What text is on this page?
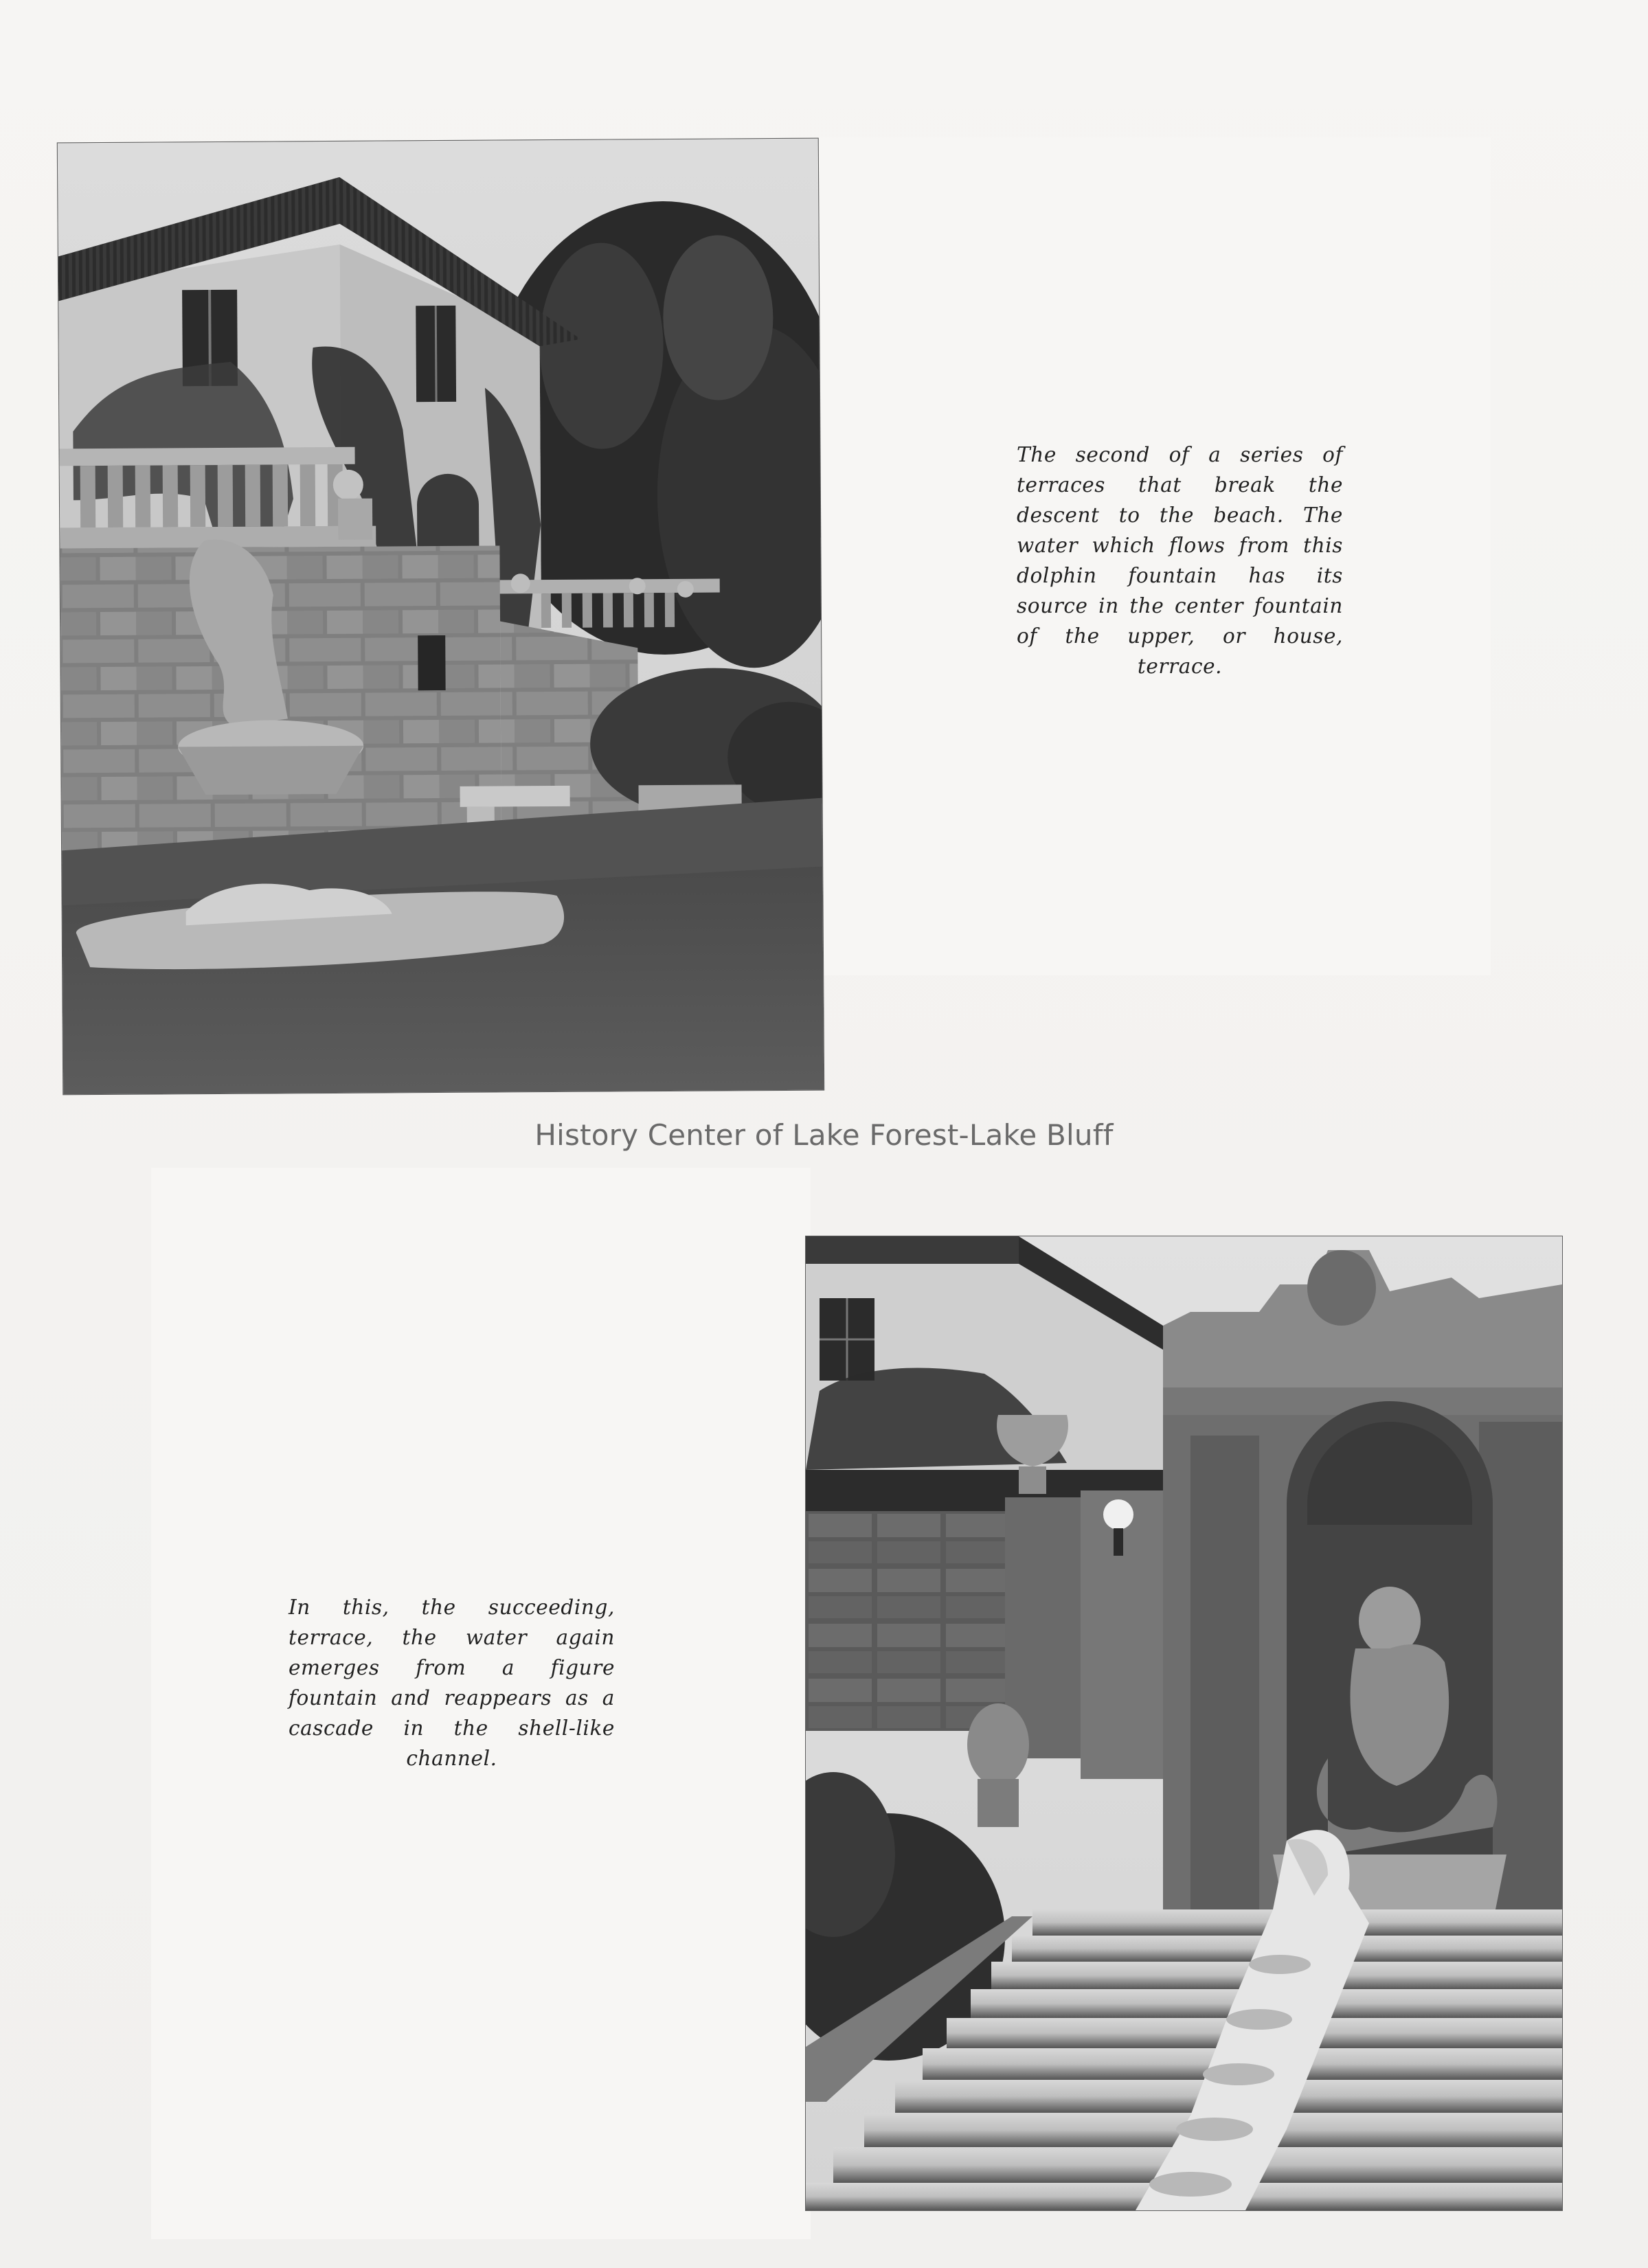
The second of a series of terraces that break the descent to the beach. The water which flows from this dolphin fountain has its source in the center fountain of the upper, or house, terrace.
History Center of Lake Forest-Lake Bluff
In this, the succeeding, terrace, the water again emerges from a figure fountain and reappears as a cascade in the shell-like channel.
